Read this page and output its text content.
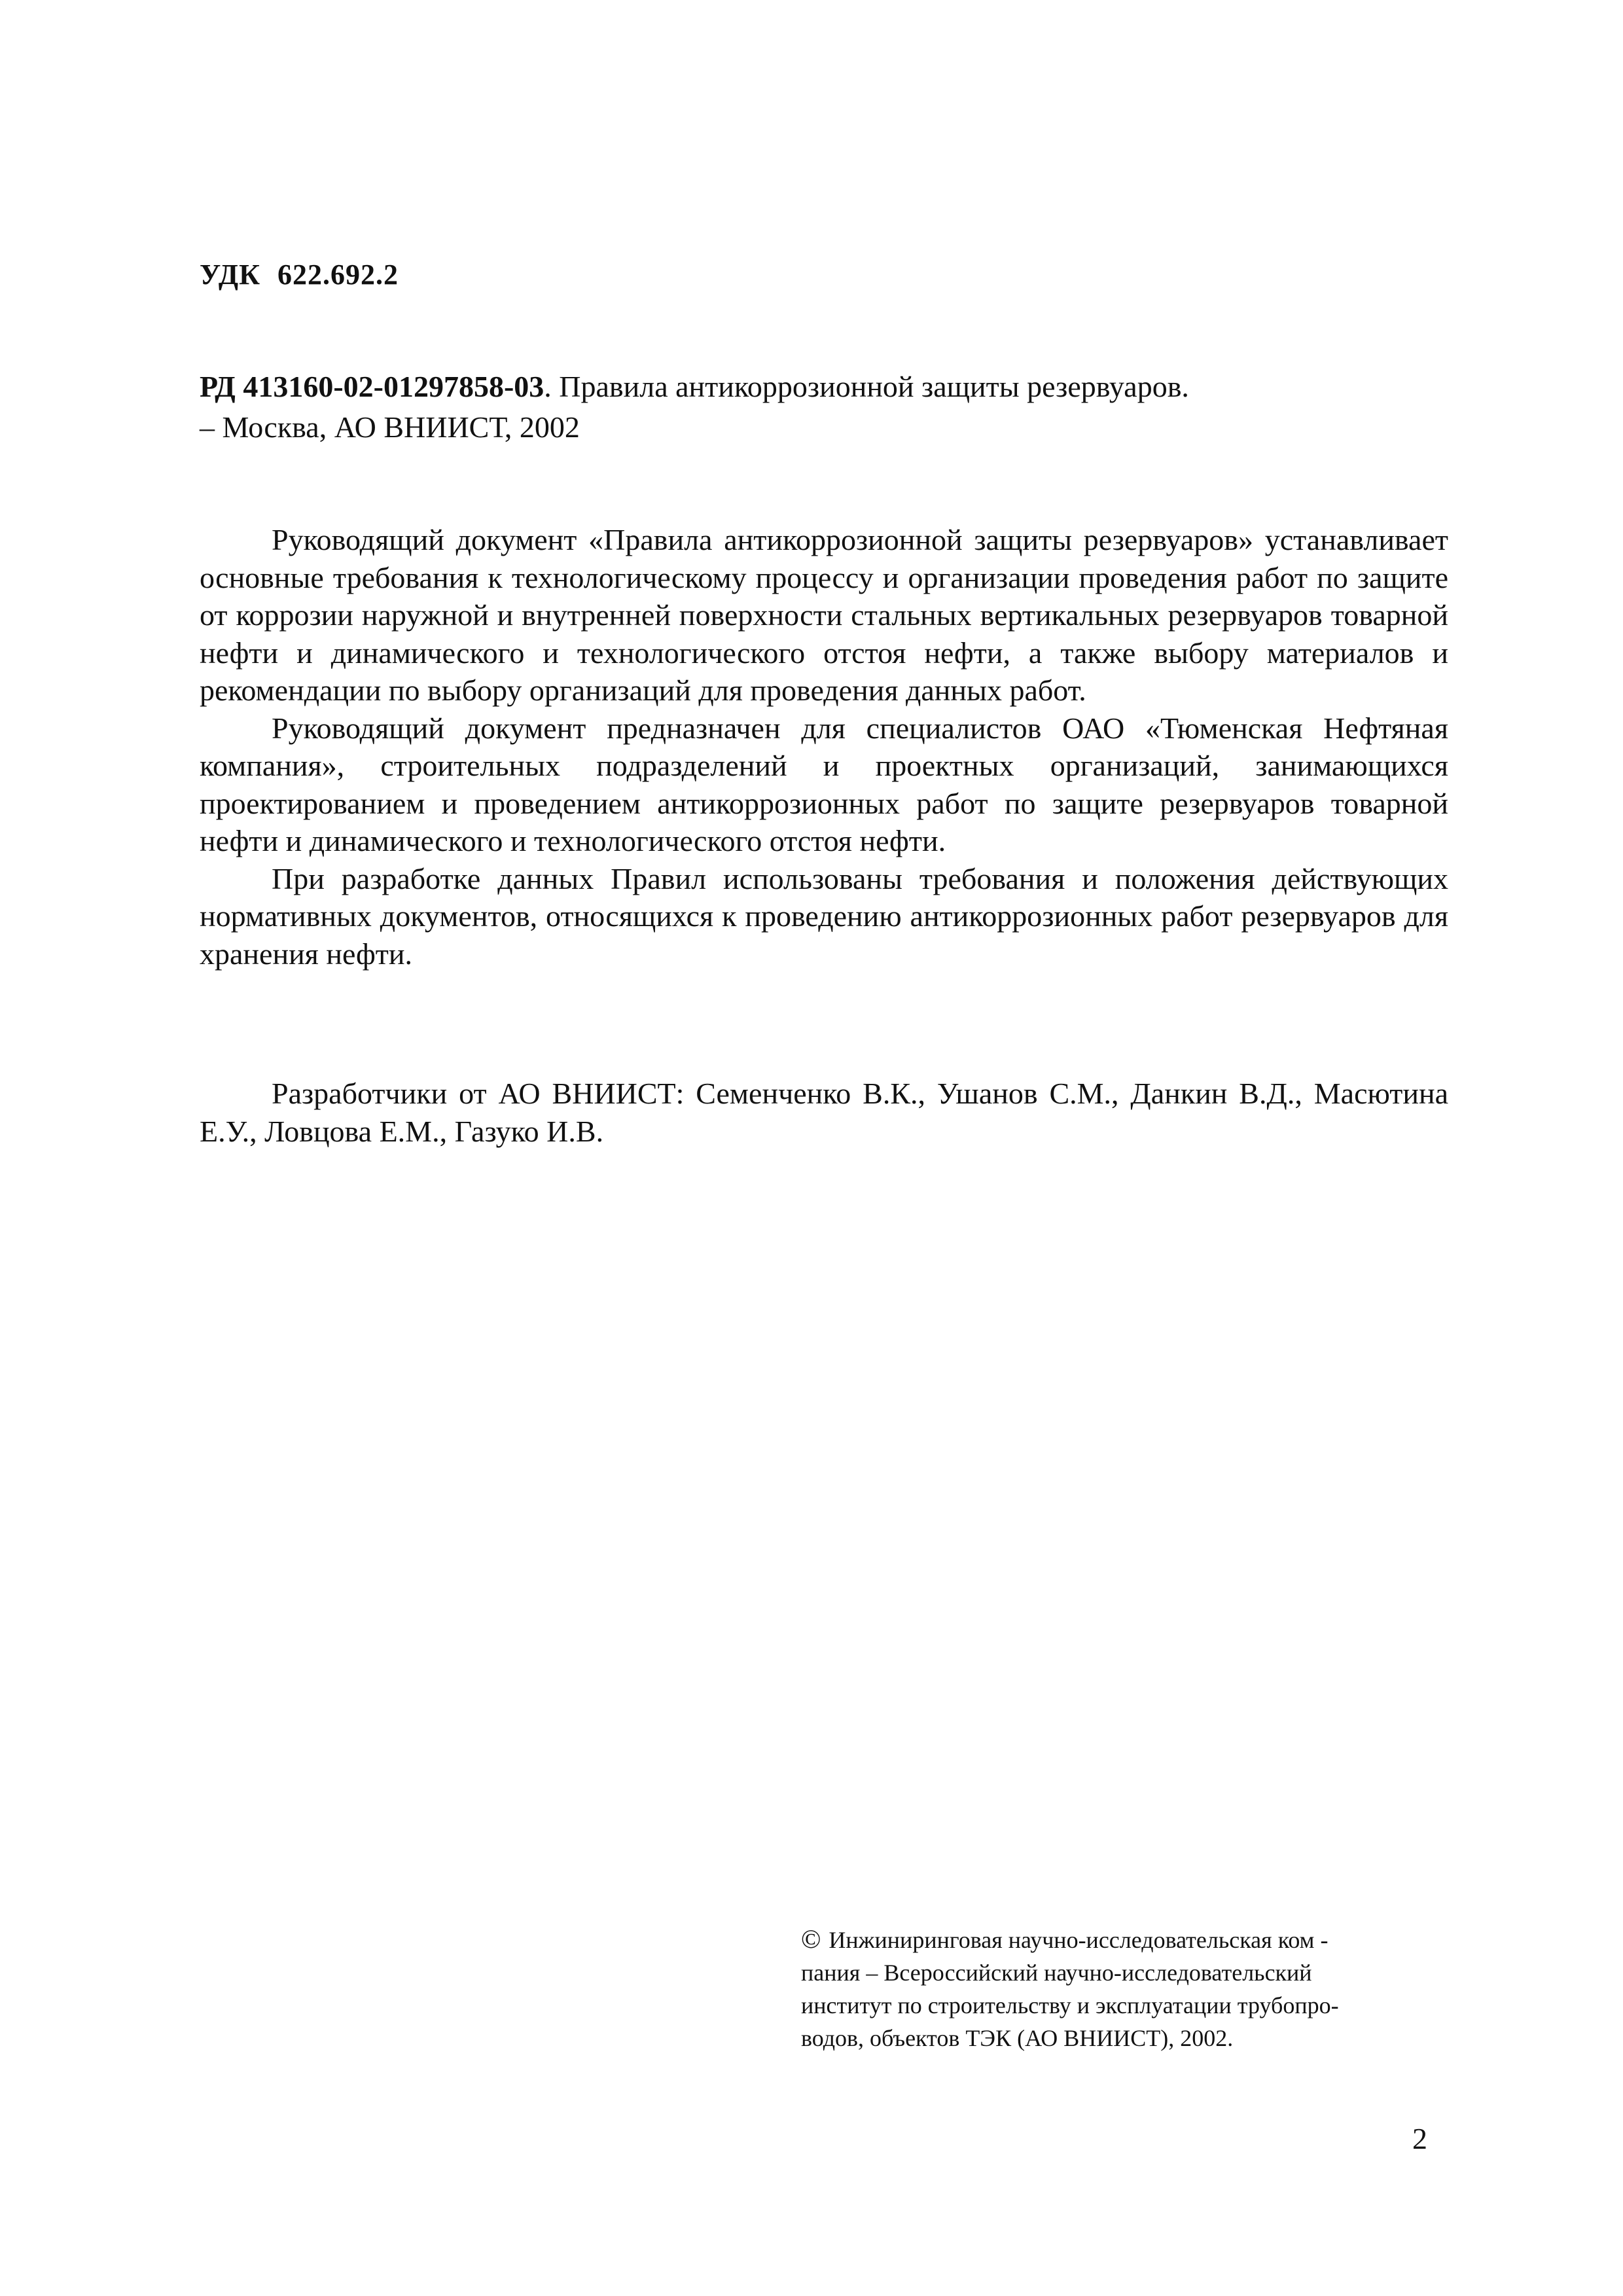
УДК 622.692.2

РД 413160-02-01297858-03. Правила антикоррозионной защиты резервуаров.

– Москва, АО ВНИИСТ, 2002

Руководящий документ «Правила антикоррозионной защиты резервуаров» устанавливает основные требования к технологическому процессу и организации проведения работ по защите от коррозии наружной и внутренней поверхности стальных вертикальных резервуаров товарной нефти и динамического и технологического отстоя нефти, а также выбору материалов и рекомендации по выбору организаций для проведения данных работ.

Руководящий документ предназначен для специалистов ОАО «Тюменская Нефтяная компания», строительных подразделений и проектных организаций, занимающихся проектированием и проведением антикоррозионных работ по защите резервуаров товарной нефти и динамического и технологического отстоя нефти.

При разработке данных Правил использованы требования и положения действующих нормативных документов, относящихся к проведению антикоррозионных работ резервуаров для хранения нефти.

Разработчики от АО ВНИИСТ: Семенченко В.К., Ушанов С.М., Данкин В.Д., Масютина Е.У., Ловцова Е.М., Газуко И.В.

© Инжиниринговая научно-исследовательская ком -

пания – Всероссийский научно-исследовательский

институт по строительству и эксплуатации трубопро-

водов, объектов ТЭК (АО ВНИИСТ), 2002.

2
